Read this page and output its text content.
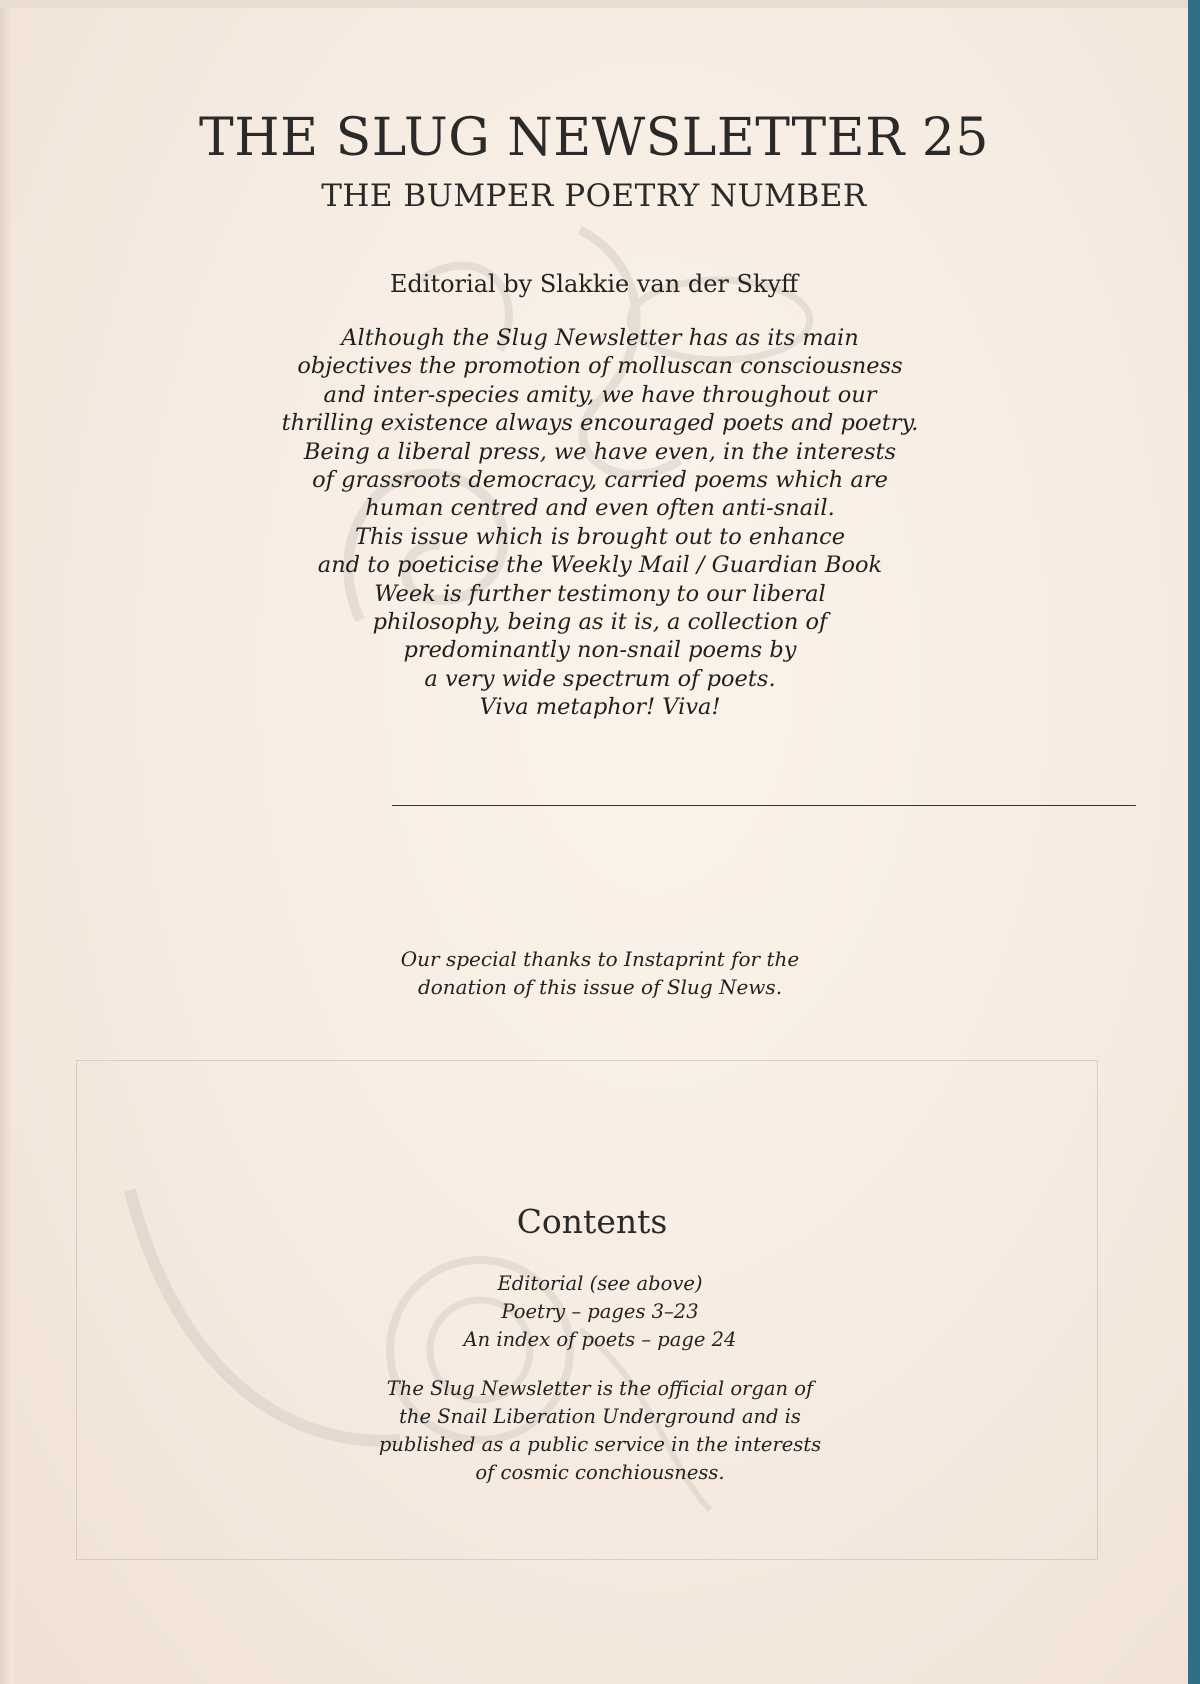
THE SLUG NEWSLETTER 25
THE BUMPER POETRY NUMBER
Editorial by Slakkie van der Skyff

Although the Slug Newsletter has as its main

objectives the promotion of molluscan consciousness

and inter-species amity, we have throughout our

thrilling existence always encouraged poets and poetry.

Being a liberal press, we have even, in the interests

of grassroots democracy, carried poems which are

human centred and even often anti-snail.

This issue which is brought out to enhance

and to poeticise the Weekly Mail / Guardian Book

Week is further testimony to our liberal

philosophy, being as it is, a collection of

predominantly non-snail poems by

a very wide spectrum of poets.

Viva metaphor! Viva!

Our special thanks to Instaprint for the
donation of this issue of Slug News.
Contents
Editorial (see above)
Poetry – pages 3–23
An index of poets – page 24
The Slug Newsletter is the official organ of
the Snail Liberation Underground and is
published as a public service in the interests
of cosmic conchiousness.
